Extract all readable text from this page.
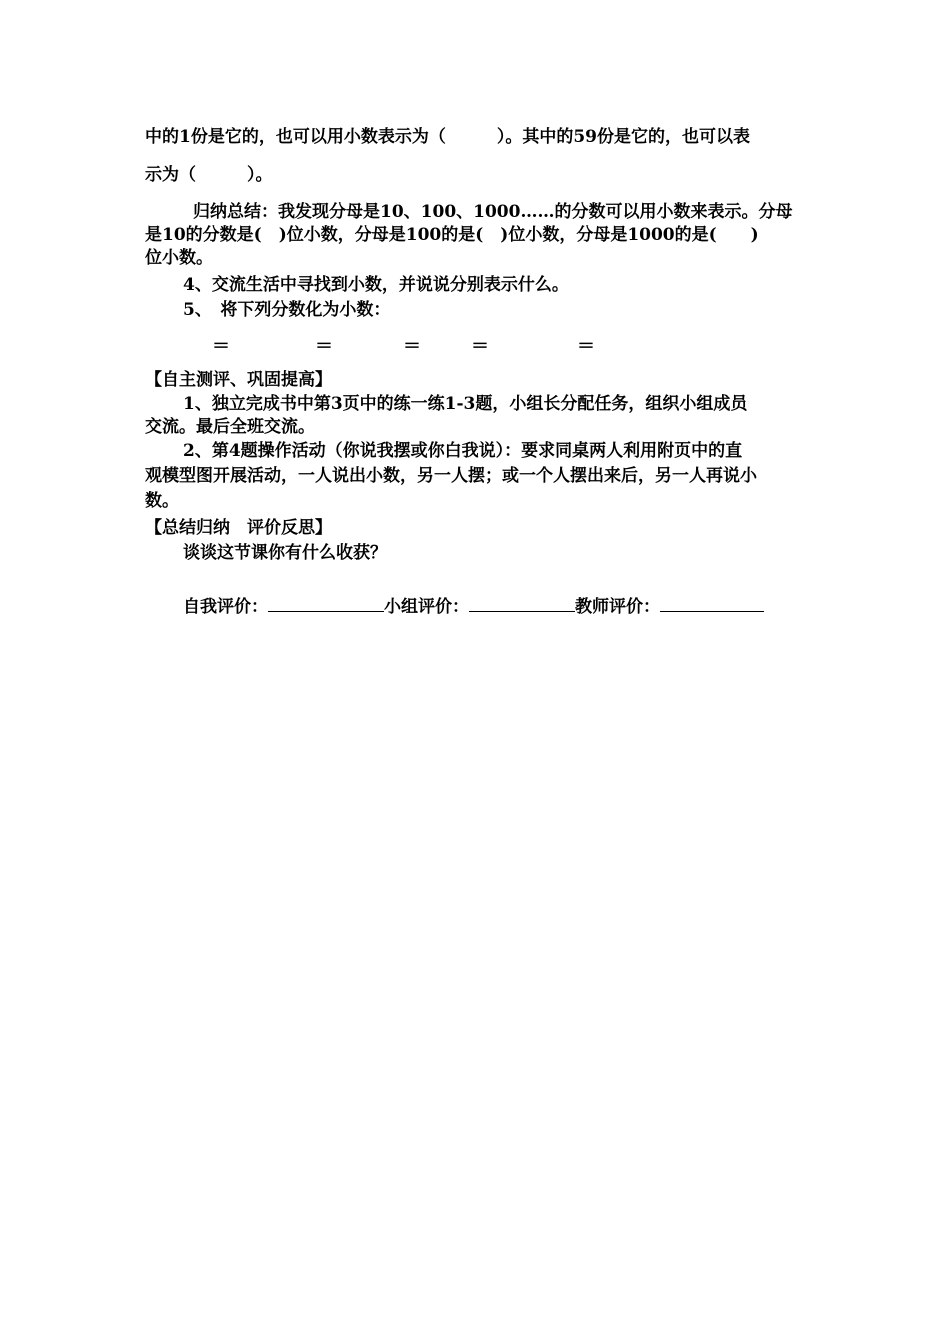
中的1份是它的，也可以用小数表示为（　　　）。其中的59份是它的，也可以表
示为（　　　）。
归纳总结：我发现分母是10、100、1000……的分数可以用小数来表示。分母
是10的分数是(　)位小数，分母是100的是(　)位小数，分母是1000的是(　　)
位小数。
4、交流生活中寻找到小数，并说说分别表示什么。
5、　将下列分数化为小数：
＝	＝	＝	＝	＝
【自主测评、巩固提高】
1、独立完成书中第3页中的练一练1-3题，小组长分配任务，组织小组成员
交流。最后全班交流。
2、第4题操作活动（你说我摆或你白我说）：要求同桌两人利用附页中的直
观模型图开展活动，一人说出小数，另一人摆；或一个人摆出来后，另一人再说小
数。
【总结归纳　评价反思】
谈谈这节课你有什么收获？
自我评价：	小组评价：	教师评价：
